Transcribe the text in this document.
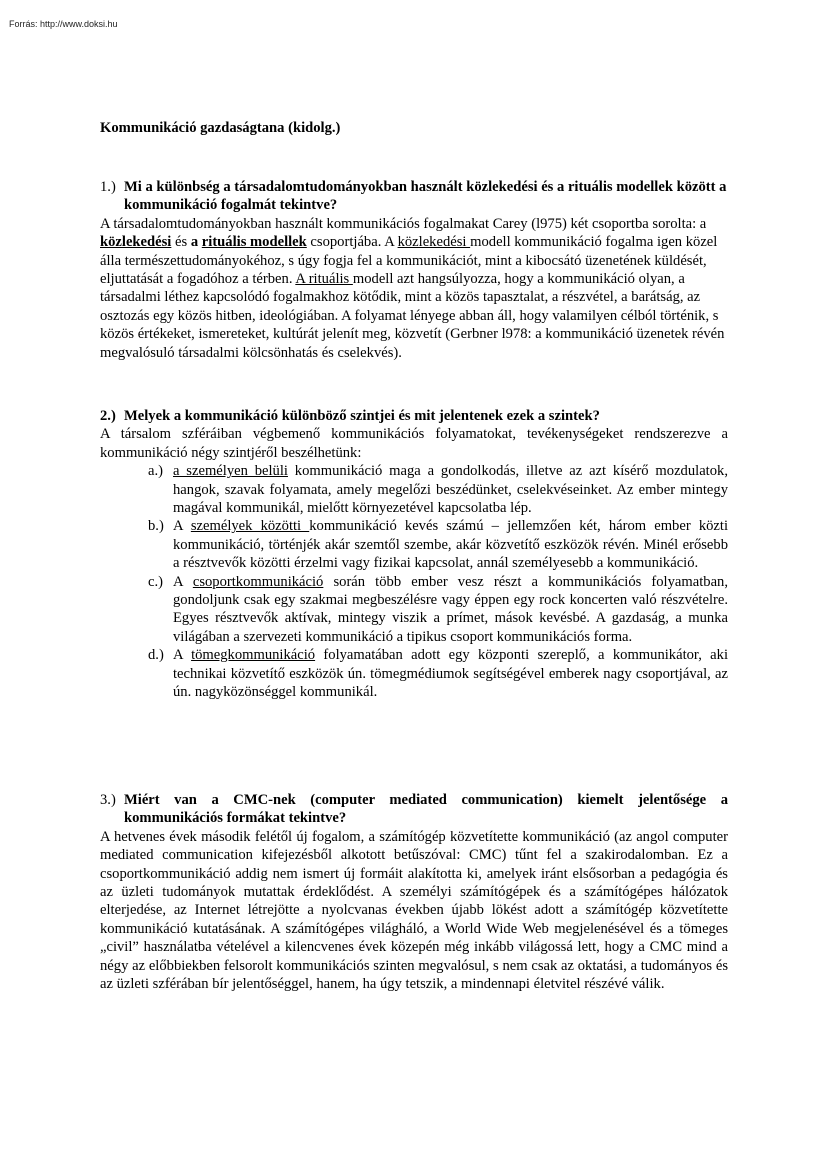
Forrás: http://www.doksi.hu
Kommunikáció gazdaságtana (kidolg.)
1.) Mi a különbség a társadalomtudományokban használt közlekedési és a rituális modellek között a kommunikáció fogalmát tekintve?
A társadalomtudományokban használt kommunikációs fogalmakat Carey (l975) két csoportba sorolta: a közlekedési és a rituális modellek csoportjába. A közlekedési modell kommunikáció fogalma igen közel álla természettudományokéhoz, s úgy fogja fel a kommunikációt, mint a kibocsátó üzenetének küldését, eljuttatását a fogadóhoz a térben. A rituális modell azt hangsúlyozza, hogy a kommunikáció olyan, a társadalmi léthez kapcsolódó fogalmakhoz kötődik, mint a közös tapasztalat, a részvétel, a barátság, az osztozás egy közös hitben, ideológiában. A folyamat lényege abban áll, hogy valamilyen célból történik, s közös értékeket, ismereteket, kultúrát jelenít meg, közvetít (Gerbner l978: a kommunikáció üzenetek révén megvalósuló társadalmi kölcsönhatás és cselekvés).
2.) Melyek a kommunikáció különböző szintjei és mit jelentenek ezek a szintek?
A társalom szféráiban végbemenő kommunikációs folyamatokat, tevékenységeket rendszerezve a kommunikáció négy szintjéről beszélhetünk:
a.) a személyen belüli kommunikáció maga a gondolkodás, illetve az azt kísérő mozdulatok, hangok, szavak folyamata, amely megelőzi beszédünket, cselekvéseinket. Az ember mintegy magával kommunikál, mielőtt környezetével kapcsolatba lép.
b.) A személyek közötti kommunikáció kevés számú – jellemzően két, három ember közti kommunikáció, történjék akár szemtől szembe, akár közvetítő eszközök révén. Minél erősebb a résztvevők közötti érzelmi vagy fizikai kapcsolat, annál személyesebb a kommunikáció.
c.) A csoportkommunikáció során több ember vesz részt a kommunikációs folyamatban, gondoljunk csak egy szakmai megbeszélésre vagy éppen egy rock koncerten való részvételre. Egyes résztvevők aktívak, mintegy viszik a prímet, mások kevésbé. A gazdaság, a munka világában a szervezeti kommunikáció a tipikus csoport kommunikációs forma.
d.) A tömegkommunikáció folyamatában adott egy központi szereplő, a kommunikátor, aki technikai közvetítő eszközök ún. tömegmédiumok segítségével emberek nagy csoportjával, az ún. nagyközönséggel kommunikál.
3.) Miért van a CMC-nek (computer mediated communication) kiemelt jelentősége a kommunikációs formákat tekintve?
A hetvenes évek második felétől új fogalom, a számítógép közvetítette kommunikáció (az angol computer mediated communication kifejezésből alkotott betűszóval: CMC) tűnt fel a szakirodalomban. Ez a csoportkommunikáció addig nem ismert új formáit alakította ki, amelyek iránt elsősorban a pedagógia és az üzleti tudományok mutattak érdeklődést. A személyi számítógépek és a számítógépes hálózatok elterjedése, az Internet létrejötte a nyolcvanas években újabb lökést adott a számítógép közvetítette kommunikáció kutatásának. A számítógépes világháló, a World Wide Web megjelenésével és a tömeges „civil” használatba vételével a kilencvenes évek közepén még inkább világossá lett, hogy a CMC mind a négy az előbbiekben felsorolt kommunikációs szinten megvalósul, s nem csak az oktatási, a tudományos és az üzleti szférában bír jelentőséggel, hanem, ha úgy tetszik, a mindennapi életvitel részévé válik.
